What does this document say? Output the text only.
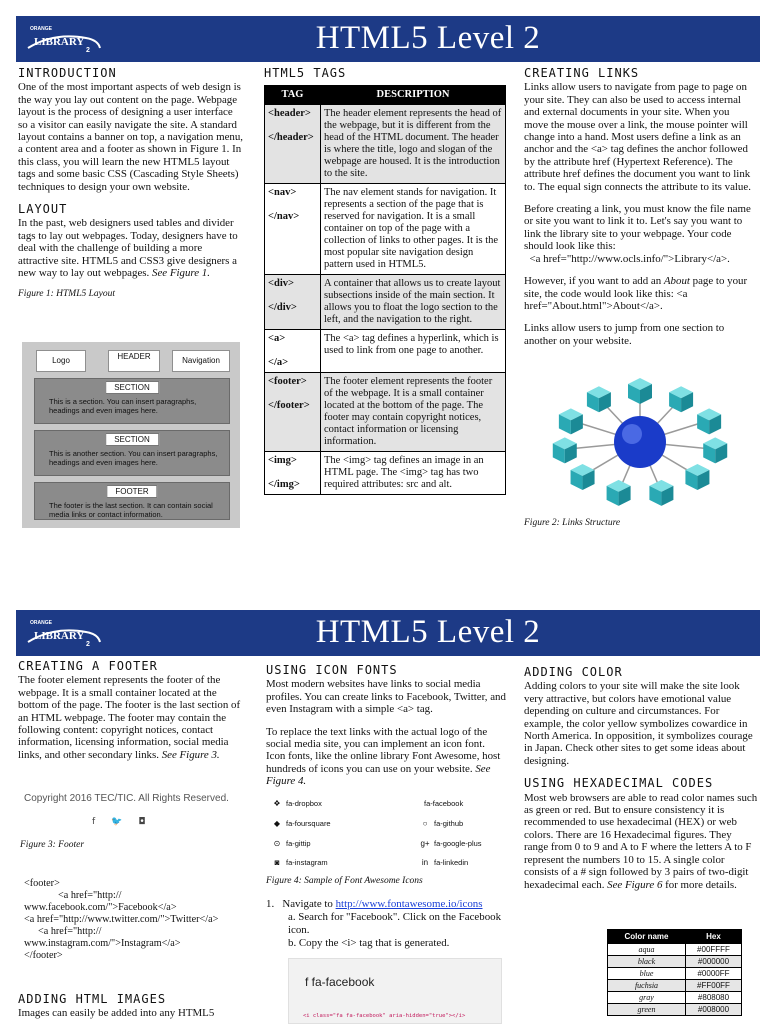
ORANGE
LIBRARY
2	HTML5 Level 2
INTRODUCTION

One of the most important aspects of web design is the way you lay out content on the page. Webpage layout is the process of designing a user interface so a visitor can easily navigate the site. A standard layout contains a banner on top, a navigation menu, a content area and a footer as shown in Figure 1. In this class, you will learn the new HTML5 layout tags and some basic CSS (Cascading Style Sheets) techniques to design your own website.

LAYOUT

In the past, web designers used tables and divider tags to lay out webpages. Today, designers have to deal with the challenge of building a more attractive site. HTML5 and CSS3 give designers a new way to lay out webpages. See Figure 1.

Figure 1: HTML5 Layout
Logo	HEADER	Navigation
SECTION
This is a section. You can insert paragraphs, headings and even images here.
SECTION
This is another section. You can insert paragraphs, headings and even images here.
FOOTER
The footer is the last section. It can contain social media links or contact information.
HTML5 TAGS
TAG	DESCRIPTION

<header>
</header>	The header element represents the head of the webpage, but it is different from the head of the HTML document. The header is where the title, logo and slogan of the webpage are housed. It is the introduction to the site.

<nav>
</nav>	The nav element stands for navigation. It represents a section of the page that is reserved for navigation. It is a small container on top of the page with a collection of links to other pages. It is the most popular site navigation design pattern used in HTML5.

<div>
</div>	A container that allows us to create layout subsections inside of the main section. It allows you to float the logo section to the left, and the navigation to the right.

<a>
</a>	The <a> tag defines a hyperlink, which is used to link from one page to another.

<footer>
</footer>	The footer element represents the footer of the webpage. It is a small container located at the bottom of the page. The footer may contain copyright notices, contact information or licensing information.

<img>
</img>	The <img> tag defines an image in an HTML page. The <img> tag has two required attributes: src and alt.
CREATING LINKS

Links allow users to navigate from page to page on your site. They can also be used to access internal and external documents in your site. When you move the mouse over a link, the mouse pointer will change into a hand. Most users define a link as an anchor and the <a> tag defines the anchor followed by the attribute href (Hypertext Reference). The attribute href defines the document you want to link to. The equal sign connects the attribute to its value.

Before creating a link, you must know the file name or site you want to link it to. Let's say you want to link the library site to your webpage. Your code should look like this:
<a href="http://www.ocls.info/">Library</a>.

However, if you want to add an About page to your site, the code would look like this: <a href="About.html">About</a>.

Links allow users to jump from one section to another on your website.

Figure 2: Links Structure
ORANGE
LIBRARY
2	HTML5 Level 2
CREATING A FOOTER

The footer element represents the footer of the webpage. It is a small container located at the bottom of the page. The footer is the last section of an HTML webpage. The footer may contain the following content: copyright notices, contact information, licensing information, social media links, and other secondary links. See Figure 3.

Copyright 2016 TEC/TIC. All Rights Reserved.
f 🐦 ◘
Figure 3: Footer
<footer>
<a href="http://
www.facebook.com/">Facebook</a>
<a href="http://www.twitter.com/">Twitter</a>
<a href="http://
www.instagram.com/">Instagram</a>
</footer>
ADDING HTML IMAGES
Images can easily be added into any HTML5
USING ICON FONTS

Most modern websites have links to social media profiles. You can create links to Facebook, Twitter, and even Instagram with a simple <a> tag.

To replace the text links with the actual logo of the social media site, you can implement an icon font. Icon fonts, like the online library Font Awesome, host hundreds of icons you can use on your website. See Figure 4.

❖ fa-dropbox	fa-facebook
◆ fa-foursquare	○ fa-github
⊙ fa-gittip	g+ fa-google-plus
◙ fa-instagram	in fa-linkedin
Figure 4: Sample of Font Awesome Icons
1. Navigate to http://www.fontawesome.io/icons
a. Search for "Facebook". Click on the Facebook icon.
b. Copy the <i> tag that is generated.
f fa-facebook
<i class="fa fa-facebook" aria-hidden="true"></i>
ADDING COLOR

Adding colors to your site will make the site look very attractive, but colors have emotional value depending on culture and circumstances. For example, the color yellow symbolizes cowardice in North America. In opposition, it symbolizes courage in Japan. Check other sites to get some ideas about designing.

USING HEXADECIMAL CODES

Most web browsers are able to read color names such as green or red. But to ensure consistency it is recommended to use hexadecimal (HEX) or web colors. There are 16 Hexadecimal figures. They range from 0 to 9 and A to F where the letters A to F represent the numbers 10 to 15. A single color consists of a # sign followed by 3 pairs of two-digit hexadecimal each. See Figure 6 for more details.

Color name	Hex
aqua	#00FFFF
black	#000000
blue	#0000FF
fuchsia	#FF00FF
gray	#808080
green	#008000
